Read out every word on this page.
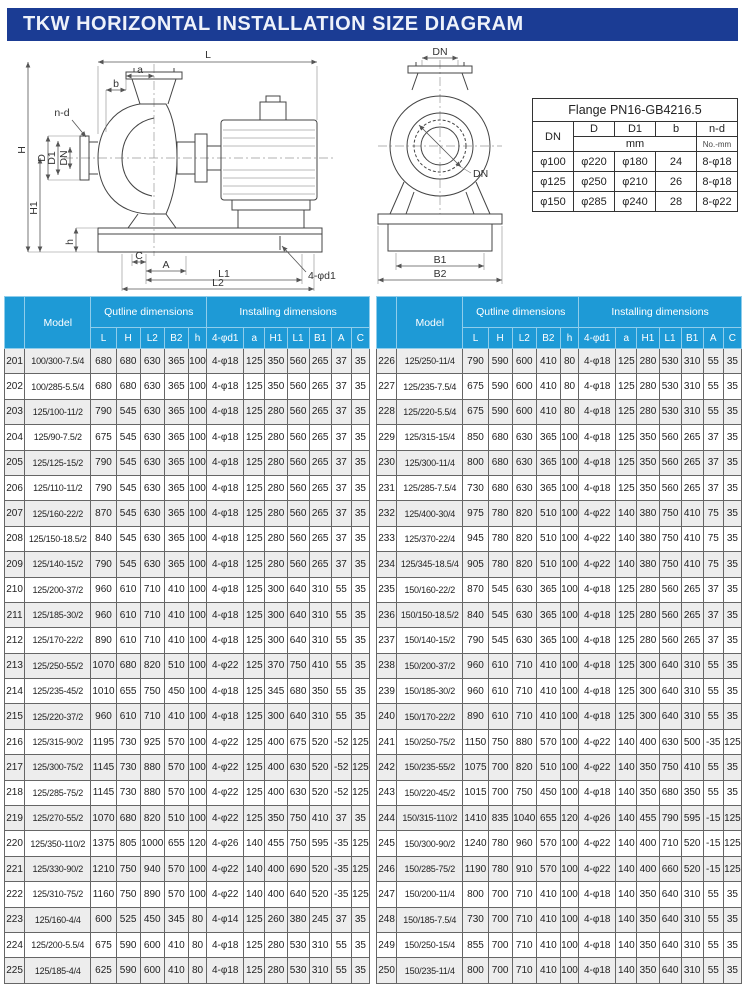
TKW HORIZONTAL INSTALLATION SIZE DIAGRAM
L
a
b
n-d
D
D1 DN
H
H1
h
C
A
L1
L2
4-φd1
DN
DN
B1
B2
Flange PN16-GB4216.5				
DN	D	D1	b	n-d
	mm			No.-mm
φ100	φ220	φ180	24	8-φ18
φ125	φ250	φ210	26	8-φ18
φ150	φ285	φ240	28	8-φ22
	Model	Qutline dimensions					Installing dimensions						
		L	H	L2	B2	h	4-φd1	a	H1	L1	B1	A	C
201	100/300-7.5/4	680	680	630	365	100	4-φ18	125	350	560	265	37	35
202	100/285-5.5/4	680	680	630	365	100	4-φ18	125	350	560	265	37	35
203	125/100-11/2	790	545	630	365	100	4-φ18	125	280	560	265	37	35
204	125/90-7.5/2	675	545	630	365	100	4-φ18	125	280	560	265	37	35
205	125/125-15/2	790	545	630	365	100	4-φ18	125	280	560	265	37	35
206	125/110-11/2	790	545	630	365	100	4-φ18	125	280	560	265	37	35
207	125/160-22/2	870	545	630	365	100	4-φ18	125	280	560	265	37	35
208	125/150-18.5/2	840	545	630	365	100	4-φ18	125	280	560	265	37	35
209	125/140-15/2	790	545	630	365	100	4-φ18	125	280	560	265	37	35
210	125/200-37/2	960	610	710	410	100	4-φ18	125	300	640	310	55	35
211	125/185-30/2	960	610	710	410	100	4-φ18	125	300	640	310	55	35
212	125/170-22/2	890	610	710	410	100	4-φ18	125	300	640	310	55	35
213	125/250-55/2	1070	680	820	510	100	4-φ22	125	370	750	410	55	35
214	125/235-45/2	1010	655	750	450	100	4-φ18	125	345	680	350	55	35
215	125/220-37/2	960	610	710	410	100	4-φ18	125	300	640	310	55	35
216	125/315-90/2	1195	730	925	570	100	4-φ22	125	400	675	520	-52	125
217	125/300-75/2	1145	730	880	570	100	4-φ22	125	400	630	520	-52	125
218	125/285-75/2	1145	730	880	570	100	4-φ22	125	400	630	520	-52	125
219	125/270-55/2	1070	680	820	510	100	4-φ22	125	350	750	410	37	35
220	125/350-110/2	1375	805	1000	655	120	4-φ26	140	455	750	595	-35	125
221	125/330-90/2	1210	750	940	570	100	4-φ22	140	400	690	520	-35	125
222	125/310-75/2	1160	750	890	570	100	4-φ22	140	400	640	520	-35	125
223	125/160-4/4	600	525	450	345	80	4-φ14	125	260	380	245	37	35
224	125/200-5.5/4	675	590	600	410	80	4-φ18	125	280	530	310	55	35
225	125/185-4/4	625	590	600	410	80	4-φ18	125	280	530	310	55	35
	Model	Qutline dimensions					Installing dimensions						
		L	H	L2	B2	h	4-φd1	a	H1	L1	B1	A	C
226	125/250-11/4	790	590	600	410	80	4-φ18	125	280	530	310	55	35
227	125/235-7.5/4	675	590	600	410	80	4-φ18	125	280	530	310	55	35
228	125/220-5.5/4	675	590	600	410	80	4-φ18	125	280	530	310	55	35
229	125/315-15/4	850	680	630	365	100	4-φ18	125	350	560	265	37	35
230	125/300-11/4	800	680	630	365	100	4-φ18	125	350	560	265	37	35
231	125/285-7.5/4	730	680	630	365	100	4-φ18	125	350	560	265	37	35
232	125/400-30/4	975	780	820	510	100	4-φ22	140	380	750	410	75	35
233	125/370-22/4	945	780	820	510	100	4-φ22	140	380	750	410	75	35
234	125/345-18.5/4	905	780	820	510	100	4-φ22	140	380	750	410	75	35
235	150/160-22/2	870	545	630	365	100	4-φ18	125	280	560	265	37	35
236	150/150-18.5/2	840	545	630	365	100	4-φ18	125	280	560	265	37	35
237	150/140-15/2	790	545	630	365	100	4-φ18	125	280	560	265	37	35
238	150/200-37/2	960	610	710	410	100	4-φ18	125	300	640	310	55	35
239	150/185-30/2	960	610	710	410	100	4-φ18	125	300	640	310	55	35
240	150/170-22/2	890	610	710	410	100	4-φ18	125	300	640	310	55	35
241	150/250-75/2	1150	750	880	570	100	4-φ22	140	400	630	500	-35	125
242	150/235-55/2	1075	700	820	510	100	4-φ22	140	350	750	410	55	35
243	150/220-45/2	1015	700	750	450	100	4-φ18	140	350	680	350	55	35
244	150/315-110/2	1410	835	1040	655	120	4-φ26	140	455	790	595	-15	125
245	150/300-90/2	1240	780	960	570	100	4-φ22	140	400	710	520	-15	125
246	150/285-75/2	1190	780	910	570	100	4-φ22	140	400	660	520	-15	125
247	150/200-11/4	800	700	710	410	100	4-φ18	140	350	640	310	55	35
248	150/185-7.5/4	730	700	710	410	100	4-φ18	140	350	640	310	55	35
249	150/250-15/4	855	700	710	410	100	4-φ18	140	350	640	310	55	35
250	150/235-11/4	800	700	710	410	100	4-φ18	140	350	640	310	55	35
